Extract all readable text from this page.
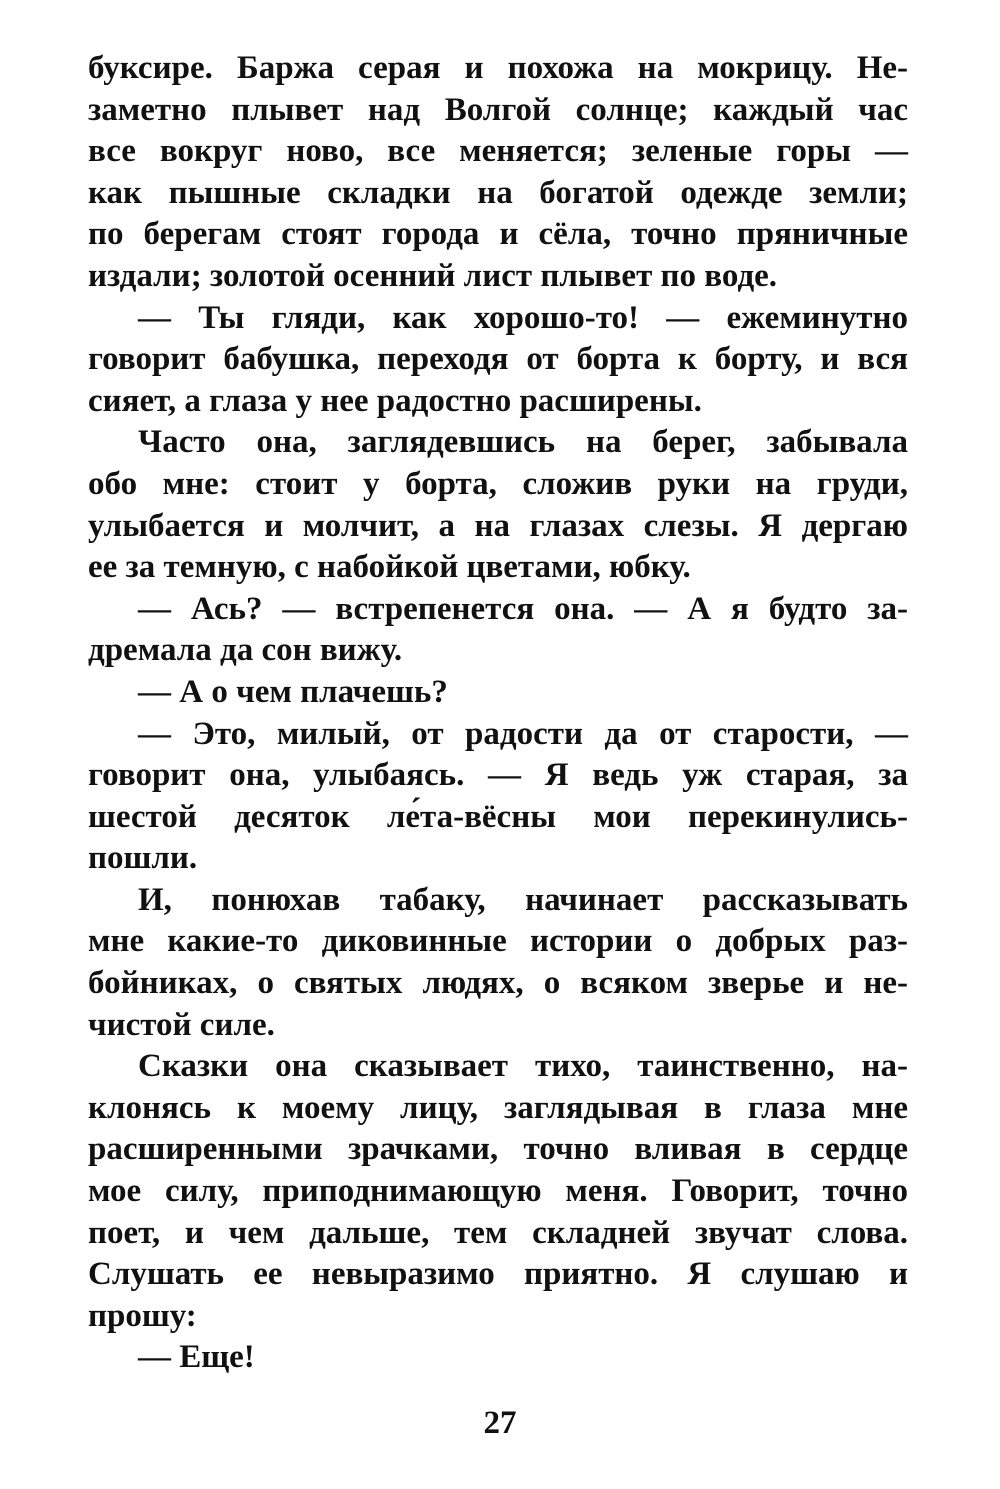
буксире. Баржа серая и похожа на мокрицу. Не-
заметно плывет над Волгой солнце; каждый час
все вокруг ново, все меняется; зеленые горы —
как пышные складки на богатой одежде земли;
по берегам стоят города и сёла, точно пряничные
издали; золотой осенний лист плывет по воде.
— Ты гляди, как хорошо-то! — ежеминутно
говорит бабушка, переходя от борта к борту, и вся
сияет, а глаза у нее радостно расширены.
Часто она, заглядевшись на берег, забывала
обо мне: стоит у борта, сложив руки на груди,
улыбается и молчит, а на глазах слезы. Я дергаю
ее за темную, с набойкой цветами, юбку.
— Ась? — встрепенется она. — А я будто за-
дремала да сон вижу.
— А о чем плачешь?
— Это, милый, от радости да от старости, —
говорит она, улыбаясь. — Я ведь уж старая, за
шестой десяток ле́та-вёсны мои перекинулись-
пошли.
И, понюхав табаку, начинает рассказывать
мне какие-то диковинные истории о добрых раз-
бойниках, о святых людях, о всяком зверье и не-
чистой силе.
Сказки она сказывает тихо, таинственно, на-
клонясь к моему лицу, заглядывая в глаза мне
расширенными зрачками, точно вливая в сердце
мое силу, приподнимающую меня. Говорит, точно
поет, и чем дальше, тем складней звучат слова.
Слушать ее невыразимо приятно. Я слушаю и
прошу:
— Еще!
27
